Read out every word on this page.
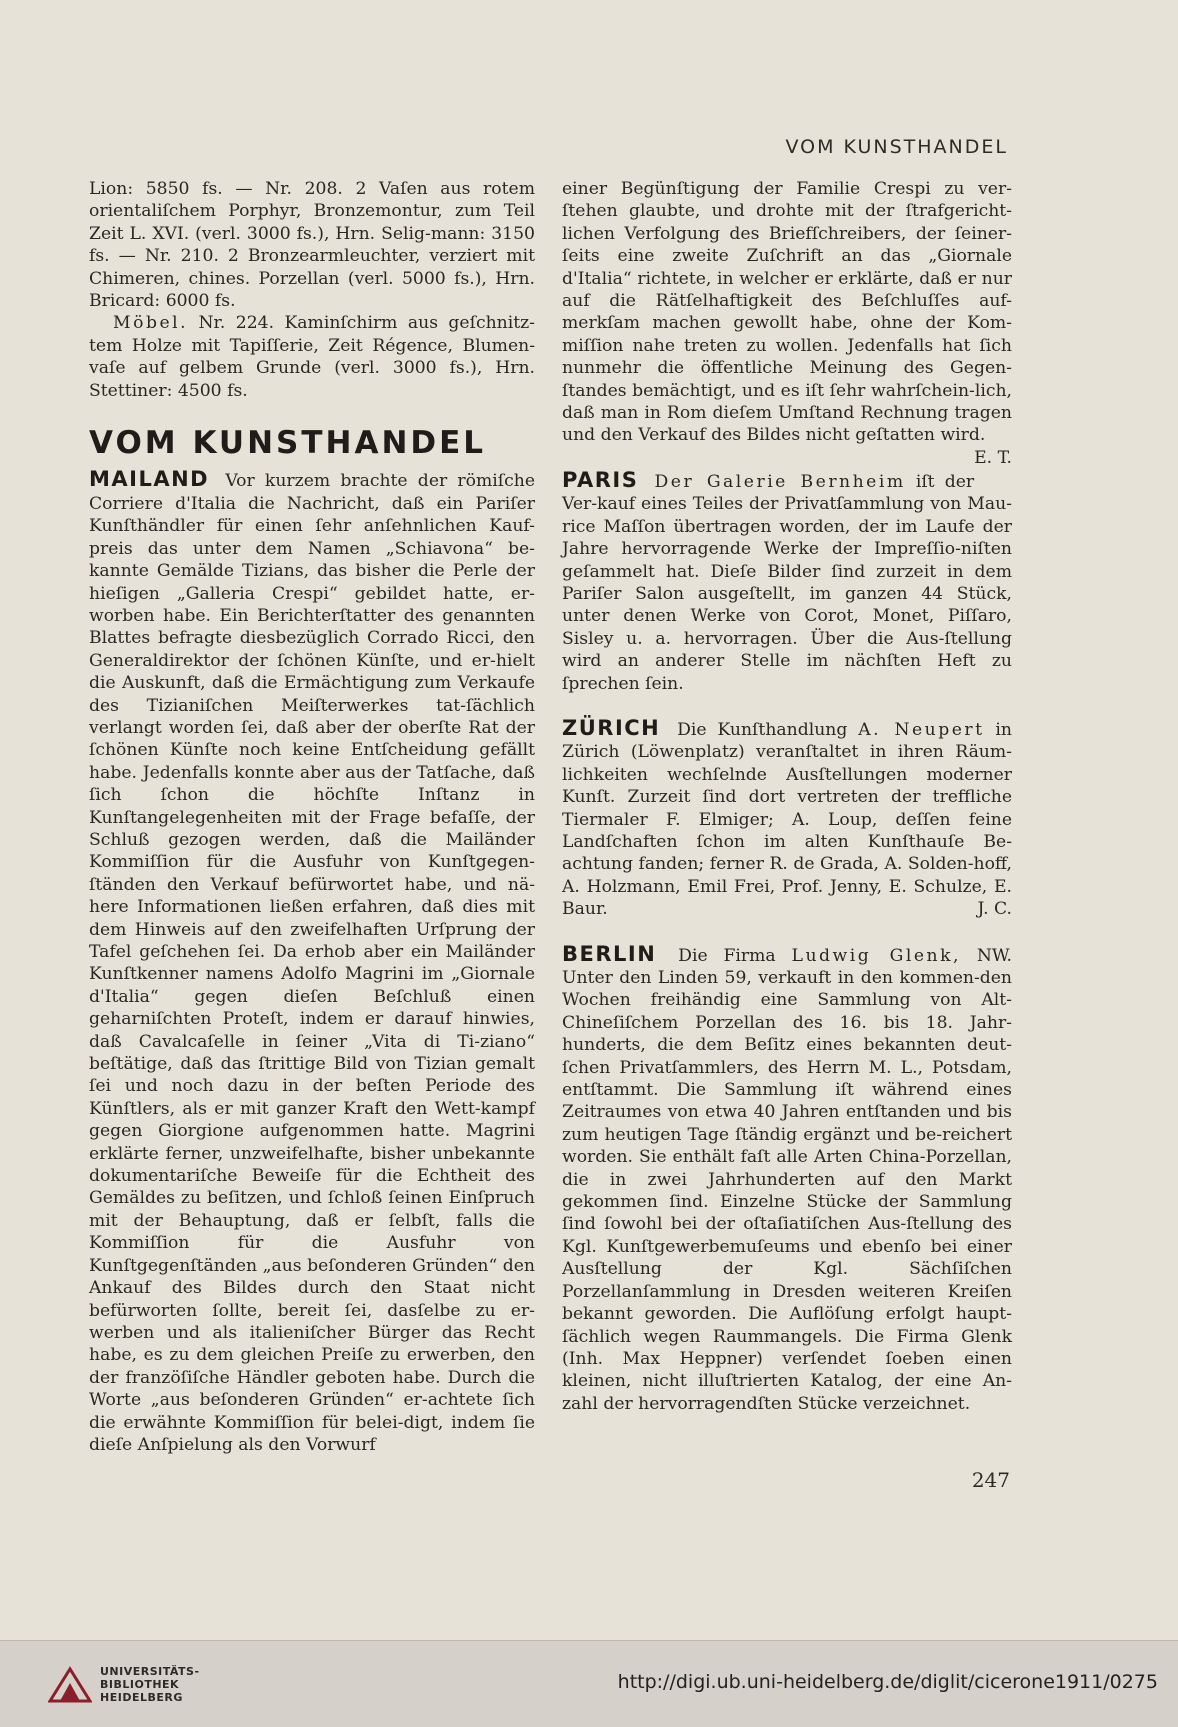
VOM KUNSTHANDEL

Lion: 5850 fs. — Nr. 208. 2 Vaſen aus rotem orientaliſchem Porphyr, Bronzemontur, zum Teil Zeit L. XVI. (verl. 3000 fs.), Hrn. Selig-mann: 3150 fs. — Nr. 210. 2 Bronzearmleuchter, verziert mit Chimeren, chines. Porzellan (verl. 5000 fs.), Hrn. Bricard: 6000 fs.

Möbel. Nr. 224. Kaminſchirm aus geſchnitz-tem Holze mit Tapiſſerie, Zeit Régence, Blumen-vaſe auf gelbem Grunde (verl. 3000 fs.), Hrn. Stettiner: 4500 fs.

VOM KUNSTHANDEL

MAILAND Vor kurzem brachte der römiſche Corriere d'Italia die Nachricht, daß ein Pariſer Kunſthändler für einen ſehr anſehnlichen Kauf-preis das unter dem Namen „Schiavona“ be-kannte Gemälde Tizians, das bisher die Perle der hieſigen „Galleria Crespi“ gebildet hatte, er-worben habe. Ein Berichterſtatter des genannten Blattes befragte diesbezüglich Corrado Ricci, den Generaldirektor der ſchönen Künſte, und er-hielt die Auskunft, daß die Ermächtigung zum Verkaufe des Tizianiſchen Meiſterwerkes tat-ſächlich verlangt worden ſei, daß aber der oberſte Rat der ſchönen Künſte noch keine Entſcheidung gefällt habe. Jedenfalls konnte aber aus der Tatſache, daß ſich ſchon die höchſte Inſtanz in Kunſtangelegenheiten mit der Frage befaſſe, der Schluß gezogen werden, daß die Mailänder Kommiſſion für die Ausfuhr von Kunſtgegen-ſtänden den Verkauf befürwortet habe, und nä-here Informationen ließen erfahren, daß dies mit dem Hinweis auf den zweifelhaften Urſprung der Tafel geſchehen ſei. Da erhob aber ein Mailänder Kunſtkenner namens Adolfo Magrini im „Giornale d'Italia“ gegen dieſen Beſchluß einen geharniſchten Proteſt, indem er darauf hinwies, daß Cavalcaſelle in ſeiner „Vita di Ti-ziano“ beſtätige, daß das ſtrittige Bild von Tizian gemalt ſei und noch dazu in der beſten Periode des Künſtlers, als er mit ganzer Kraft den Wett-kampf gegen Giorgione aufgenommen hatte. Magrini erklärte ferner, unzweifelhafte, bisher unbekannte dokumentariſche Beweiſe für die Echtheit des Gemäldes zu beſitzen, und ſchloß ſeinen Einſpruch mit der Behauptung, daß er ſelbſt, falls die Kommiſſion für die Ausfuhr von Kunſtgegenſtänden „aus beſonderen Gründen“ den Ankauf des Bildes durch den Staat nicht befürworten ſollte, bereit ſei, dasſelbe zu er-werben und als italieniſcher Bürger das Recht habe, es zu dem gleichen Preiſe zu erwerben, den der franzöſiſche Händler geboten habe. Durch die Worte „aus beſonderen Gründen“ er-achtete ſich die erwähnte Kommiſſion für belei-digt, indem ſie dieſe Anſpielung als den Vorwurf

einer Begünſtigung der Familie Crespi zu ver-ſtehen glaubte, und drohte mit der ſtrafgericht-lichen Verfolgung des Briefſchreibers, der ſeiner-ſeits eine zweite Zuſchrift an das „Giornale d'Italia“ richtete, in welcher er erklärte, daß er nur auf die Rätſelhaftigkeit des Beſchluſſes auf-merkſam machen gewollt habe, ohne der Kom-miſſion nahe treten zu wollen. Jedenfalls hat ſich nunmehr die öffentliche Meinung des Gegen-ſtandes bemächtigt, und es iſt ſehr wahrſchein-lich, daß man in Rom dieſem Umſtand Rechnung tragen und den Verkauf des Bildes nicht geſtatten wird.
E. T.

PARIS Der Galerie Bernheim iſt der Ver-kauf eines Teiles der Privatſammlung von Mau-rice Maſſon übertragen worden, der im Laufe der Jahre hervorragende Werke der Impreſſio-niſten geſammelt hat. Dieſe Bilder ſind zurzeit in dem Pariſer Salon ausgeſtellt, im ganzen 44 Stück, unter denen Werke von Corot, Monet, Piſſaro, Sisley u. a. hervorragen. Über die Aus-ſtellung wird an anderer Stelle im nächſten Heft zu ſprechen ſein.

ZÜRICH Die Kunſthandlung A. Neupert in Zürich (Löwenplatz) veranſtaltet in ihren Räum-lichkeiten wechſelnde Ausſtellungen moderner Kunſt. Zurzeit ſind dort vertreten der treffliche Tiermaler F. Elmiger; A. Loup, deſſen feine Landſchaften ſchon im alten Kunſthauſe Be-achtung fanden; ferner R. de Grada, A. Solden-hoff, A. Holzmann, Emil Frei, Prof. Jenny, E. Schulze, E. Baur.	J. C.

BERLIN Die Firma Ludwig Glenk, NW. Unter den Linden 59, verkauft in den kommen-den Wochen freihändig eine Sammlung von Alt-Chineſiſchem Porzellan des 16. bis 18. Jahr-hunderts, die dem Beſitz eines bekannten deut-ſchen Privatſammlers, des Herrn M. L., Potsdam, entſtammt. Die Sammlung iſt während eines Zeitraumes von etwa 40 Jahren entſtanden und bis zum heutigen Tage ſtändig ergänzt und be-reichert worden. Sie enthält faſt alle Arten China-Porzellan, die in zwei Jahrhunderten auf den Markt gekommen ſind. Einzelne Stücke der Sammlung ſind ſowohl bei der oſtaſiatiſchen Aus-ſtellung des Kgl. Kunſtgewerbemuſeums und ebenſo bei einer Ausſtellung der Kgl. Sächſiſchen Porzellanſammlung in Dresden weiteren Kreiſen bekannt geworden. Die Auflöſung erfolgt haupt-ſächlich wegen Raummangels. Die Firma Glenk (Inh. Max Heppner) verſendet ſoeben einen kleinen, nicht illuſtrierten Katalog, der eine An-zahl der hervorragendſten Stücke verzeichnet.

247
UNIVERSITÄTS-
BIBLIOTHEK
HEIDELBERG
http://digi.ub.uni-heidelberg.de/diglit/cicerone1911/0275
